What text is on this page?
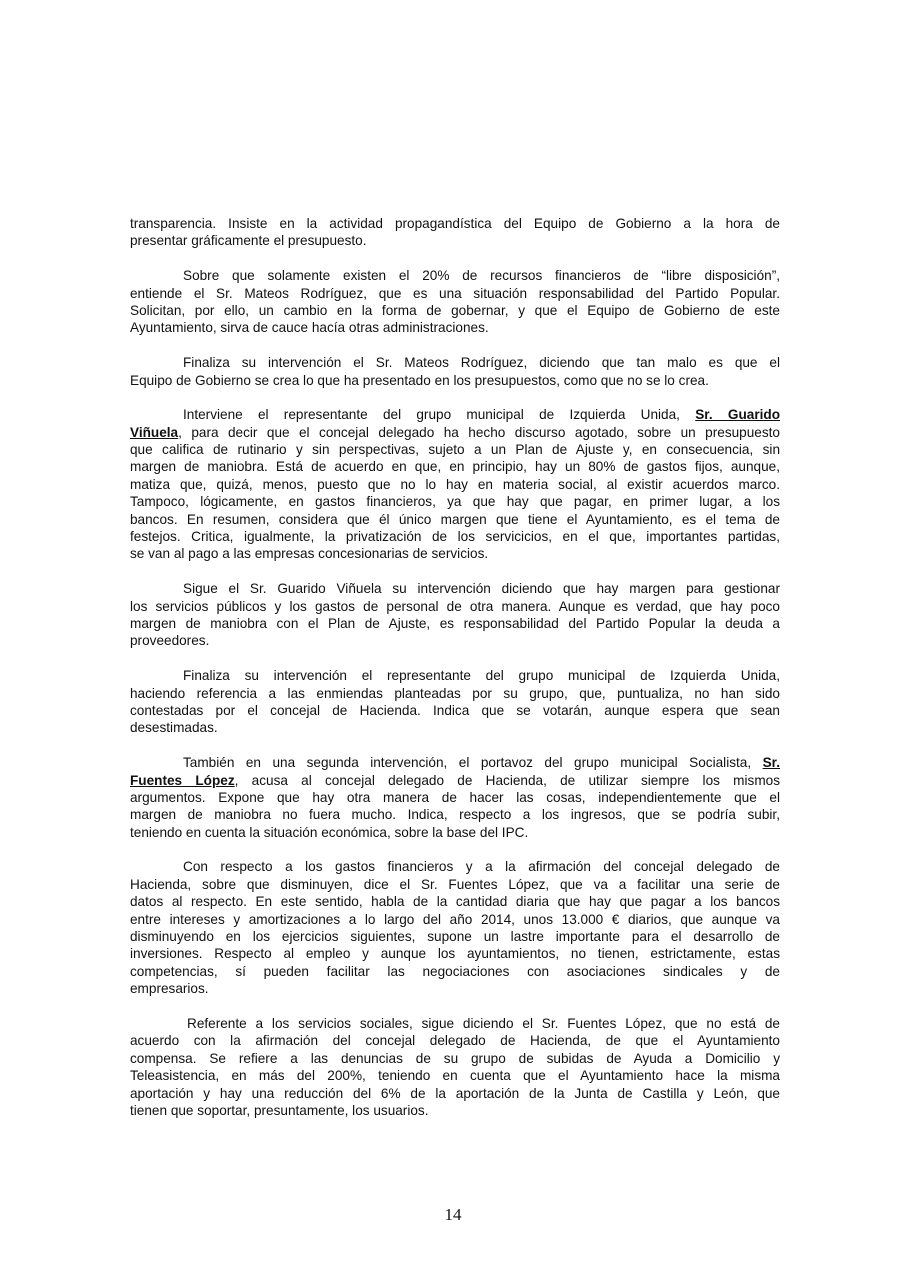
transparencia. Insiste en la actividad propagandística del Equipo de Gobierno a la hora de
presentar gráficamente el presupuesto.
Sobre que solamente existen el 20% de recursos financieros de “libre disposición”,
entiende el Sr. Mateos Rodríguez, que es una situación responsabilidad del Partido Popular.
Solicitan, por ello, un cambio en la forma de gobernar, y que el Equipo de Gobierno de este
Ayuntamiento, sirva de cauce hacía otras administraciones.
Finaliza su intervención el Sr. Mateos Rodríguez, diciendo que tan malo es que el
Equipo de Gobierno se crea lo que ha presentado en los presupuestos, como que no se lo crea.
Interviene el representante del grupo municipal de Izquierda Unida, Sr. Guarido
Viñuela, para decir que el concejal delegado ha hecho discurso agotado, sobre un presupuesto
que califica de rutinario y sin perspectivas, sujeto a un Plan de Ajuste y, en consecuencia, sin
margen de maniobra. Está de acuerdo en que, en principio, hay un 80% de gastos fijos, aunque,
matiza que, quizá, menos, puesto que no lo hay en materia social, al existir acuerdos marco.
Tampoco, lógicamente, en gastos financieros, ya que hay que pagar, en primer lugar, a los
bancos. En resumen, considera que él único margen que tiene el Ayuntamiento, es el tema de
festejos. Critica, igualmente, la privatización de los servicicios, en el que, importantes partidas,
se van al pago a las empresas concesionarias de servicios.
Sigue el Sr. Guarido Viñuela su intervención diciendo que hay margen para gestionar
los servicios públicos y los gastos de personal de otra manera. Aunque es verdad, que hay poco
margen de maniobra con el Plan de Ajuste, es responsabilidad del Partido Popular la deuda a
proveedores.
Finaliza su intervención el representante del grupo municipal de Izquierda Unida,
haciendo referencia a las enmiendas planteadas por su grupo, que, puntualiza, no han sido
contestadas por el concejal de Hacienda. Indica que se votarán, aunque espera que sean
desestimadas.
También en una segunda intervención, el portavoz del grupo municipal Socialista, Sr.
Fuentes López, acusa al concejal delegado de Hacienda, de utilizar siempre los mismos
argumentos. Expone que hay otra manera de hacer las cosas, independientemente que el
margen de maniobra no fuera mucho. Indica, respecto a los ingresos, que se podría subir,
teniendo en cuenta la situación económica, sobre la base del IPC.
Con respecto a los gastos financieros y a la afirmación del concejal delegado de
Hacienda, sobre que disminuyen, dice el Sr. Fuentes López, que va a facilitar una serie de
datos al respecto. En este sentido, habla de la cantidad diaria que hay que pagar a los bancos
entre intereses y amortizaciones a lo largo del año 2014, unos 13.000 € diarios, que aunque va
disminuyendo en los ejercicios siguientes, supone un lastre importante para el desarrollo de
inversiones. Respecto al empleo y aunque los ayuntamientos, no tienen, estrictamente, estas
competencias, sí pueden facilitar las negociaciones con asociaciones sindicales y de
empresarios.
Referente a los servicios sociales, sigue diciendo el Sr. Fuentes López, que no está de
acuerdo con la afirmación del concejal delegado de Hacienda, de que el Ayuntamiento
compensa. Se refiere a las denuncias de su grupo de subidas de Ayuda a Domicilio y
Teleasistencia, en más del 200%, teniendo en cuenta que el Ayuntamiento hace la misma
aportación y hay una reducción del 6% de la aportación de la Junta de Castilla y León, que
tienen que soportar, presuntamente, los usuarios.
14
